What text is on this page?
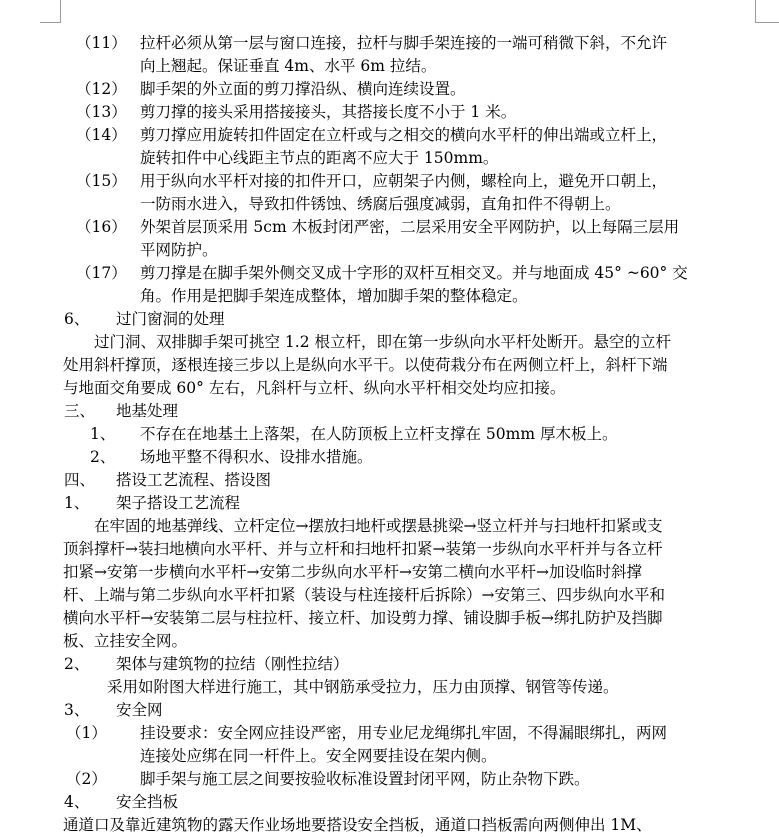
（11） 拉杆必须从第一层与窗口连接，拉杆与脚手架连接的一端可稍微下斜，不允许
向上翘起。保证垂直 4m、水平 6m 拉结。
（12） 脚手架的外立面的剪刀撑沿纵、横向连续设置。
（13） 剪刀撑的接头采用搭接接头，其搭接长度不小于 1 米。
（14） 剪刀撑应用旋转扣件固定在立杆或与之相交的横向水平杆的伸出端或立杆上，
旋转扣件中心线距主节点的距离不应大于 150mm。
（15） 用于纵向水平杆对接的扣件开口，应朝架子内侧，螺栓向上，避免开口朝上，
一防雨水进入，导致扣件锈蚀、绣腐后强度减弱，直角扣件不得朝上。
（16） 外架首层顶采用 5cm 木板封闭严密，二层采用安全平网防护，以上每隔三层用
平网防护。
（17） 剪刀撑是在脚手架外侧交叉成十字形的双杆互相交叉。并与地面成 45° ~60° 交
角。作用是把脚手架连成整体，增加脚手架的整体稳定。
6、 过门窗洞的处理
过门洞、双排脚手架可挑空 1.2 根立杆，即在第一步纵向水平杆处断开。悬空的立杆
处用斜杆撑顶，逐根连接三步以上是纵向水平干。以使荷栽分布在两侧立杆上，斜杆下端
与地面交角要成 60° 左右，凡斜杆与立杆、纵向水平杆相交处均应扣接。
三、 地基处理
1、 不存在在地基土上落架，在人防顶板上立杆支撑在 50mm 厚木板上。
2、 场地平整不得积水、设排水措施。
四、 搭设工艺流程、搭设图
1、 架子搭设工艺流程
在牢固的地基弹线、立杆定位→摆放扫地杆或摆悬挑梁→竖立杆并与扫地杆扣紧或支
顶斜撑杆→装扫地横向水平杆、并与立杆和扫地杆扣紧→装第一步纵向水平杆并与各立杆
扣紧→安第一步横向水平杆→安第二步纵向水平杆→安第二横向水平杆→加设临时斜撑
杆、上端与第二步纵向水平杆扣紧（装设与柱连接杆后拆除）→安第三、四步纵向水平和
横向水平杆→安装第二层与柱拉杆、接立杆、加设剪力撑、铺设脚手板→绑扎防护及挡脚
板、立挂安全网。
2、 架体与建筑物的拉结（刚性拉结）
采用如附图大样进行施工，其中钢筋承受拉力，压力由顶撑、钢管等传递。
3、 安全网
（1） 挂设要求：安全网应挂设严密，用专业尼龙绳绑扎牢固，不得漏眼绑扎，两网
连接处应绑在同一杆件上。安全网要挂设在架内侧。
（2） 脚手架与施工层之间要按验收标准设置封闭平网，防止杂物下跌。
4、 安全挡板
通道口及靠近建筑物的露天作业场地要搭设安全挡板，通道口挡板需向两侧伸出 1M、
